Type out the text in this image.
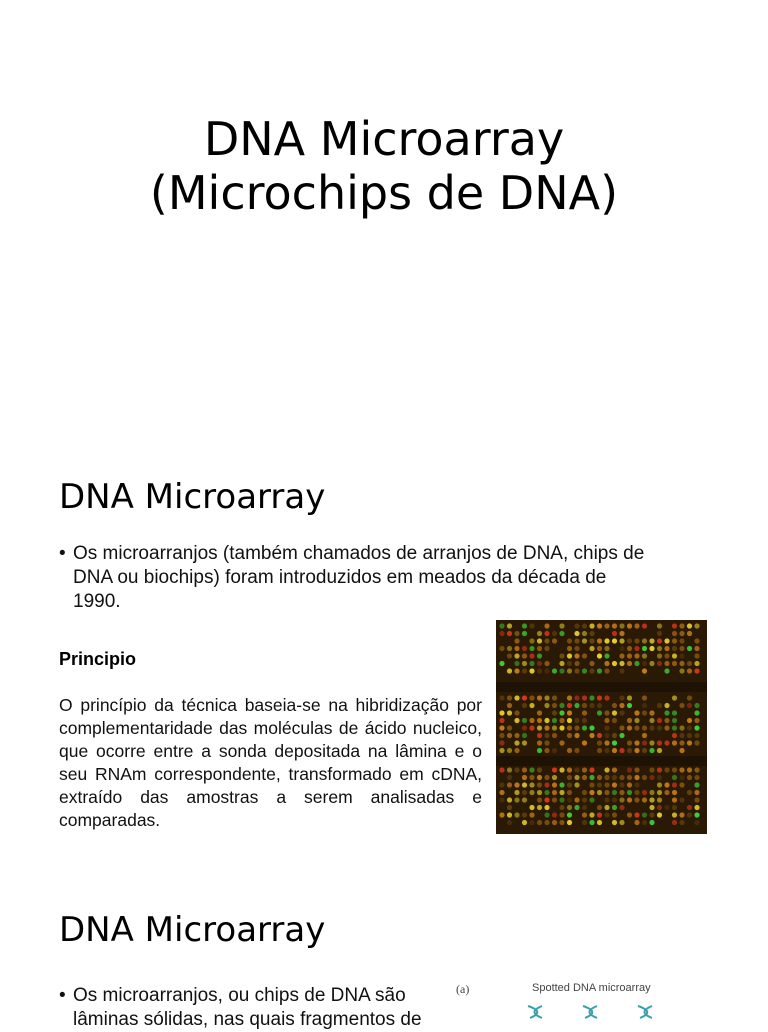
DNA Microarray
(Microchips de DNA)
DNA Microarray
• Os microarranjos (também chamados de arranjos de DNA, chips de DNA ou biochips) foram introduzidos em meados da década de 1990.
Principio
O princípio da técnica baseia-se na hibridização por complementaridade das moléculas de ácido nucleico, que ocorre entre a sonda depositada na lâmina e o seu RNAm correspondente, transformado em cDNA, extraído das amostras a serem analisadas e comparadas.
DNA Microarray
• Os microarranjos, ou chips de DNA são lâminas sólidas, nas quais fragmentos de
(a)	Spotted DNA microarray
